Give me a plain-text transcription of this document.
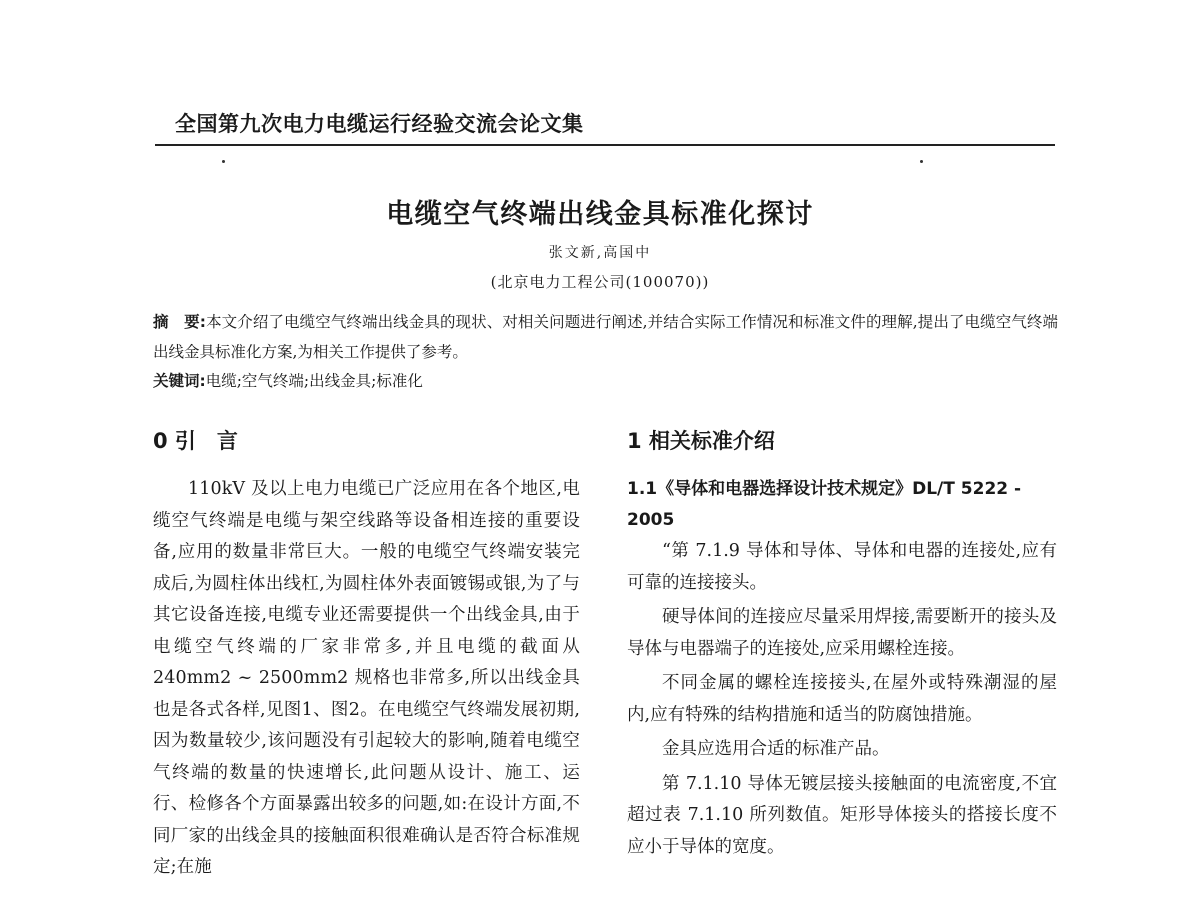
全国第九次电力电缆运行经验交流会论文集
电缆空气终端出线金具标准化探讨
张文新,高国中
(北京电力工程公司(100070))
摘　要:本文介绍了电缆空气终端出线金具的现状、对相关问题进行阐述,并结合实际工作情况和标准文件的理解,提出了电缆空气终端出线金具标准化方案,为相关工作提供了参考。
关键词:电缆;空气终端;出线金具;标准化
0 引　言

110kV 及以上电力电缆已广泛应用在各个地区,电缆空气终端是电缆与架空线路等设备相连接的重要设备,应用的数量非常巨大。一般的电缆空气终端安装完成后,为圆柱体出线杠,为圆柱体外表面镀锡或银,为了与其它设备连接,电缆专业还需要提供一个出线金具,由于电缆空气终端的厂家非常多,并且电缆的截面从240mm2 ~ 2500mm2 规格也非常多,所以出线金具也是各式各样,见图1、图2。在电缆空气终端发展初期,因为数量较少,该问题没有引起较大的影响,随着电缆空气终端的数量的快速增长,此问题从设计、施工、运行、检修各个方面暴露出较多的问题,如:在设计方面,不同厂家的出线金具的接触面积很难确认是否符合标准规定;在施

1 相关标准介绍
1.1《导体和电器选择设计技术规定》DL/T 5222 - 2005

“第 7.1.9 导体和导体、导体和电器的连接处,应有可靠的连接接头。

硬导体间的连接应尽量采用焊接,需要断开的接头及导体与电器端子的连接处,应采用螺栓连接。

不同金属的螺栓连接接头,在屋外或特殊潮湿的屋内,应有特殊的结构措施和适当的防腐蚀措施。

金具应选用合适的标准产品。

第 7.1.10 导体无镀层接头接触面的电流密度,不宜超过表 7.1.10 所列数值。矩形导体接头的搭接长度不应小于导体的宽度。
